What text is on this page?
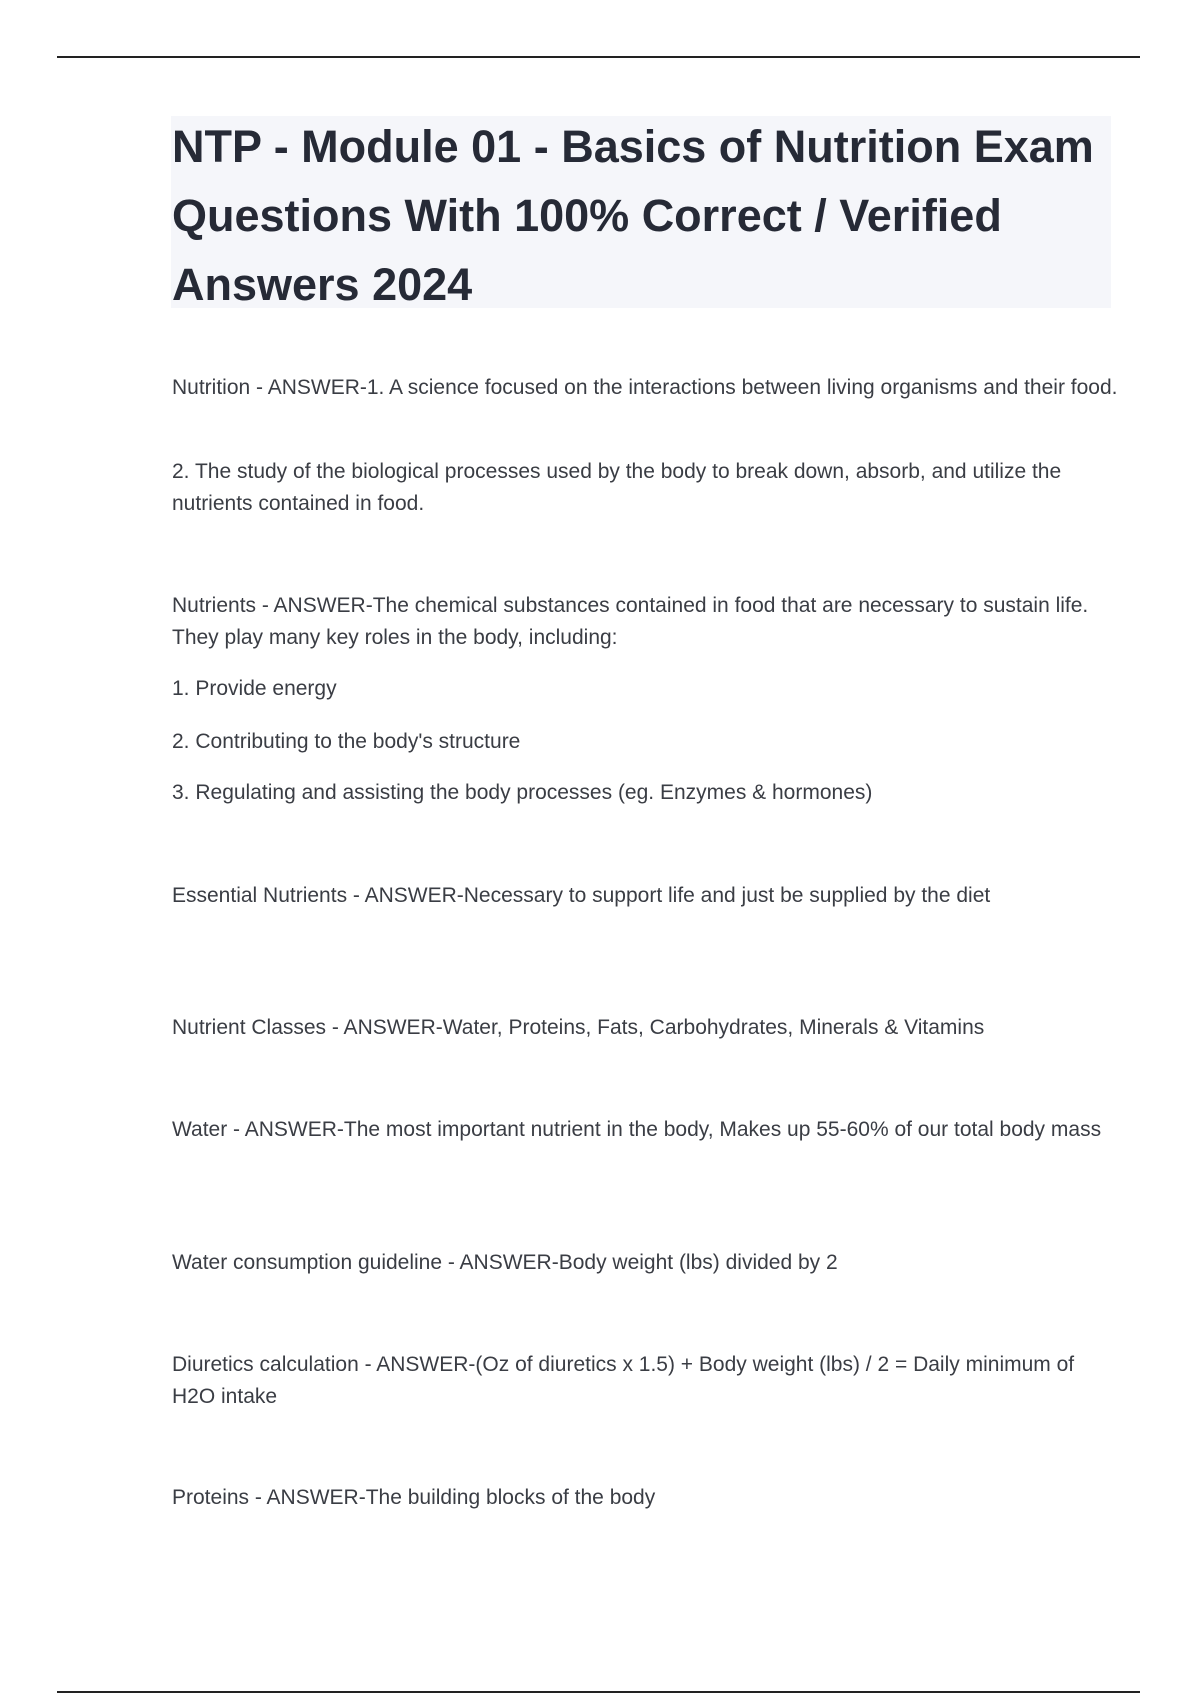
NTP - Module 01 - Basics of Nutrition Exam Questions With 100% Correct / Verified Answers 2024

Nutrition - ANSWER-1. A science focused on the interactions between living organisms and their food.

2. The study of the biological processes used by the body to break down, absorb, and utilize the nutrients contained in food.

Nutrients - ANSWER-The chemical substances contained in food that are necessary to sustain life. They play many key roles in the body, including:

1. Provide energy

2. Contributing to the body's structure

3. Regulating and assisting the body processes (eg. Enzymes & hormones)

Essential Nutrients - ANSWER-Necessary to support life and just be supplied by the diet

Nutrient Classes - ANSWER-Water, Proteins, Fats, Carbohydrates, Minerals & Vitamins

Water - ANSWER-The most important nutrient in the body, Makes up 55-60% of our total body mass

Water consumption guideline - ANSWER-Body weight (lbs) divided by 2

Diuretics calculation - ANSWER-(Oz of diuretics x 1.5) + Body weight (lbs) / 2 = Daily minimum of H2O intake

Proteins - ANSWER-The building blocks of the body
